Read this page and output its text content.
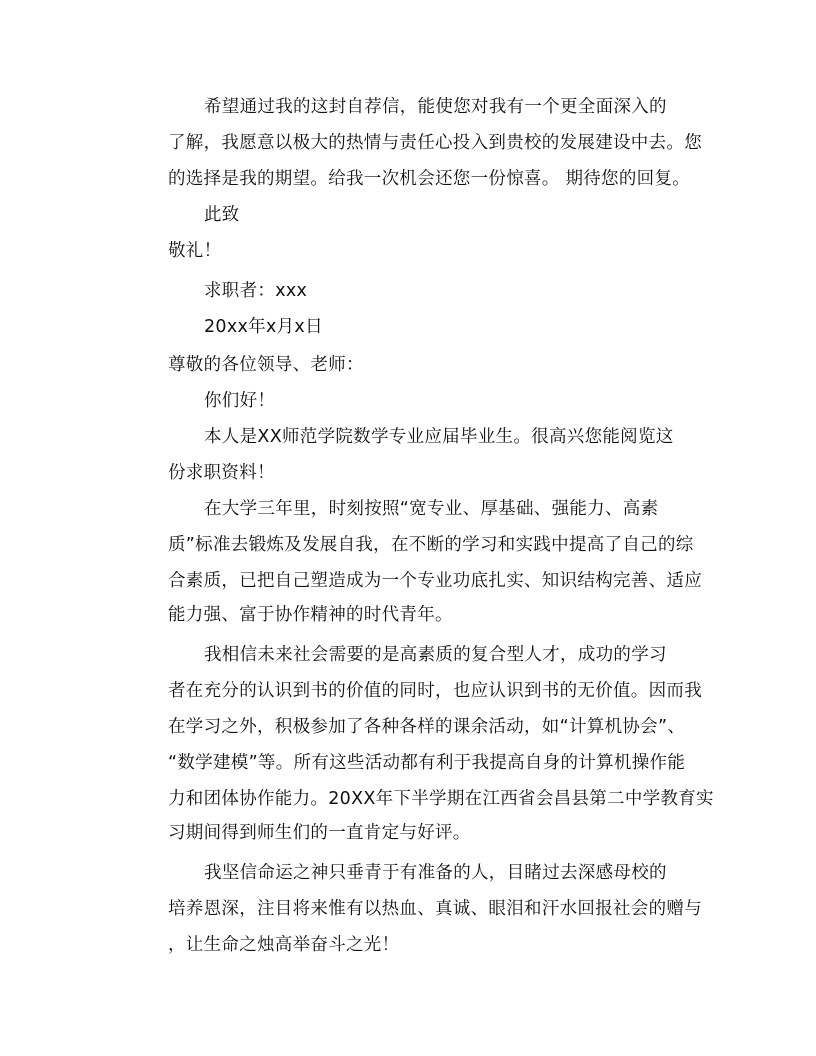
希望通过我的这封自荐信，能使您对我有一个更全面深入的
了解，我愿意以极大的热情与责任心投入到贵校的发展建设中去。您
的选择是我的期望。给我一次机会还您一份惊喜。 期待您的回复。
此致
敬礼！
求职者：xxx
20xx年x月x日
尊敬的各位领导、老师：
你们好！
本人是XX师范学院数学专业应届毕业生。很高兴您能阅览这
份求职资料！
在大学三年里，时刻按照“宽专业、厚基础、强能力、高素
质”标准去锻炼及发展自我，在不断的学习和实践中提高了自己的综
合素质，已把自己塑造成为一个专业功底扎实、知识结构完善、适应
能力强、富于协作精神的时代青年。
我相信未来社会需要的是高素质的复合型人才，成功的学习
者在充分的认识到书的价值的同时，也应认识到书的无价值。因而我
在学习之外，积极参加了各种各样的课余活动，如“计算机协会”、
“数学建模”等。所有这些活动都有利于我提高自身的计算机操作能
力和团体协作能力。20XX年下半学期在江西省会昌县第二中学教育实
习期间得到师生们的一直肯定与好评。
我坚信命运之神只垂青于有准备的人，目睹过去深感母校的
培养恩深，注目将来惟有以热血、真诚、眼泪和汗水回报社会的赠与
，让生命之烛高举奋斗之光！
